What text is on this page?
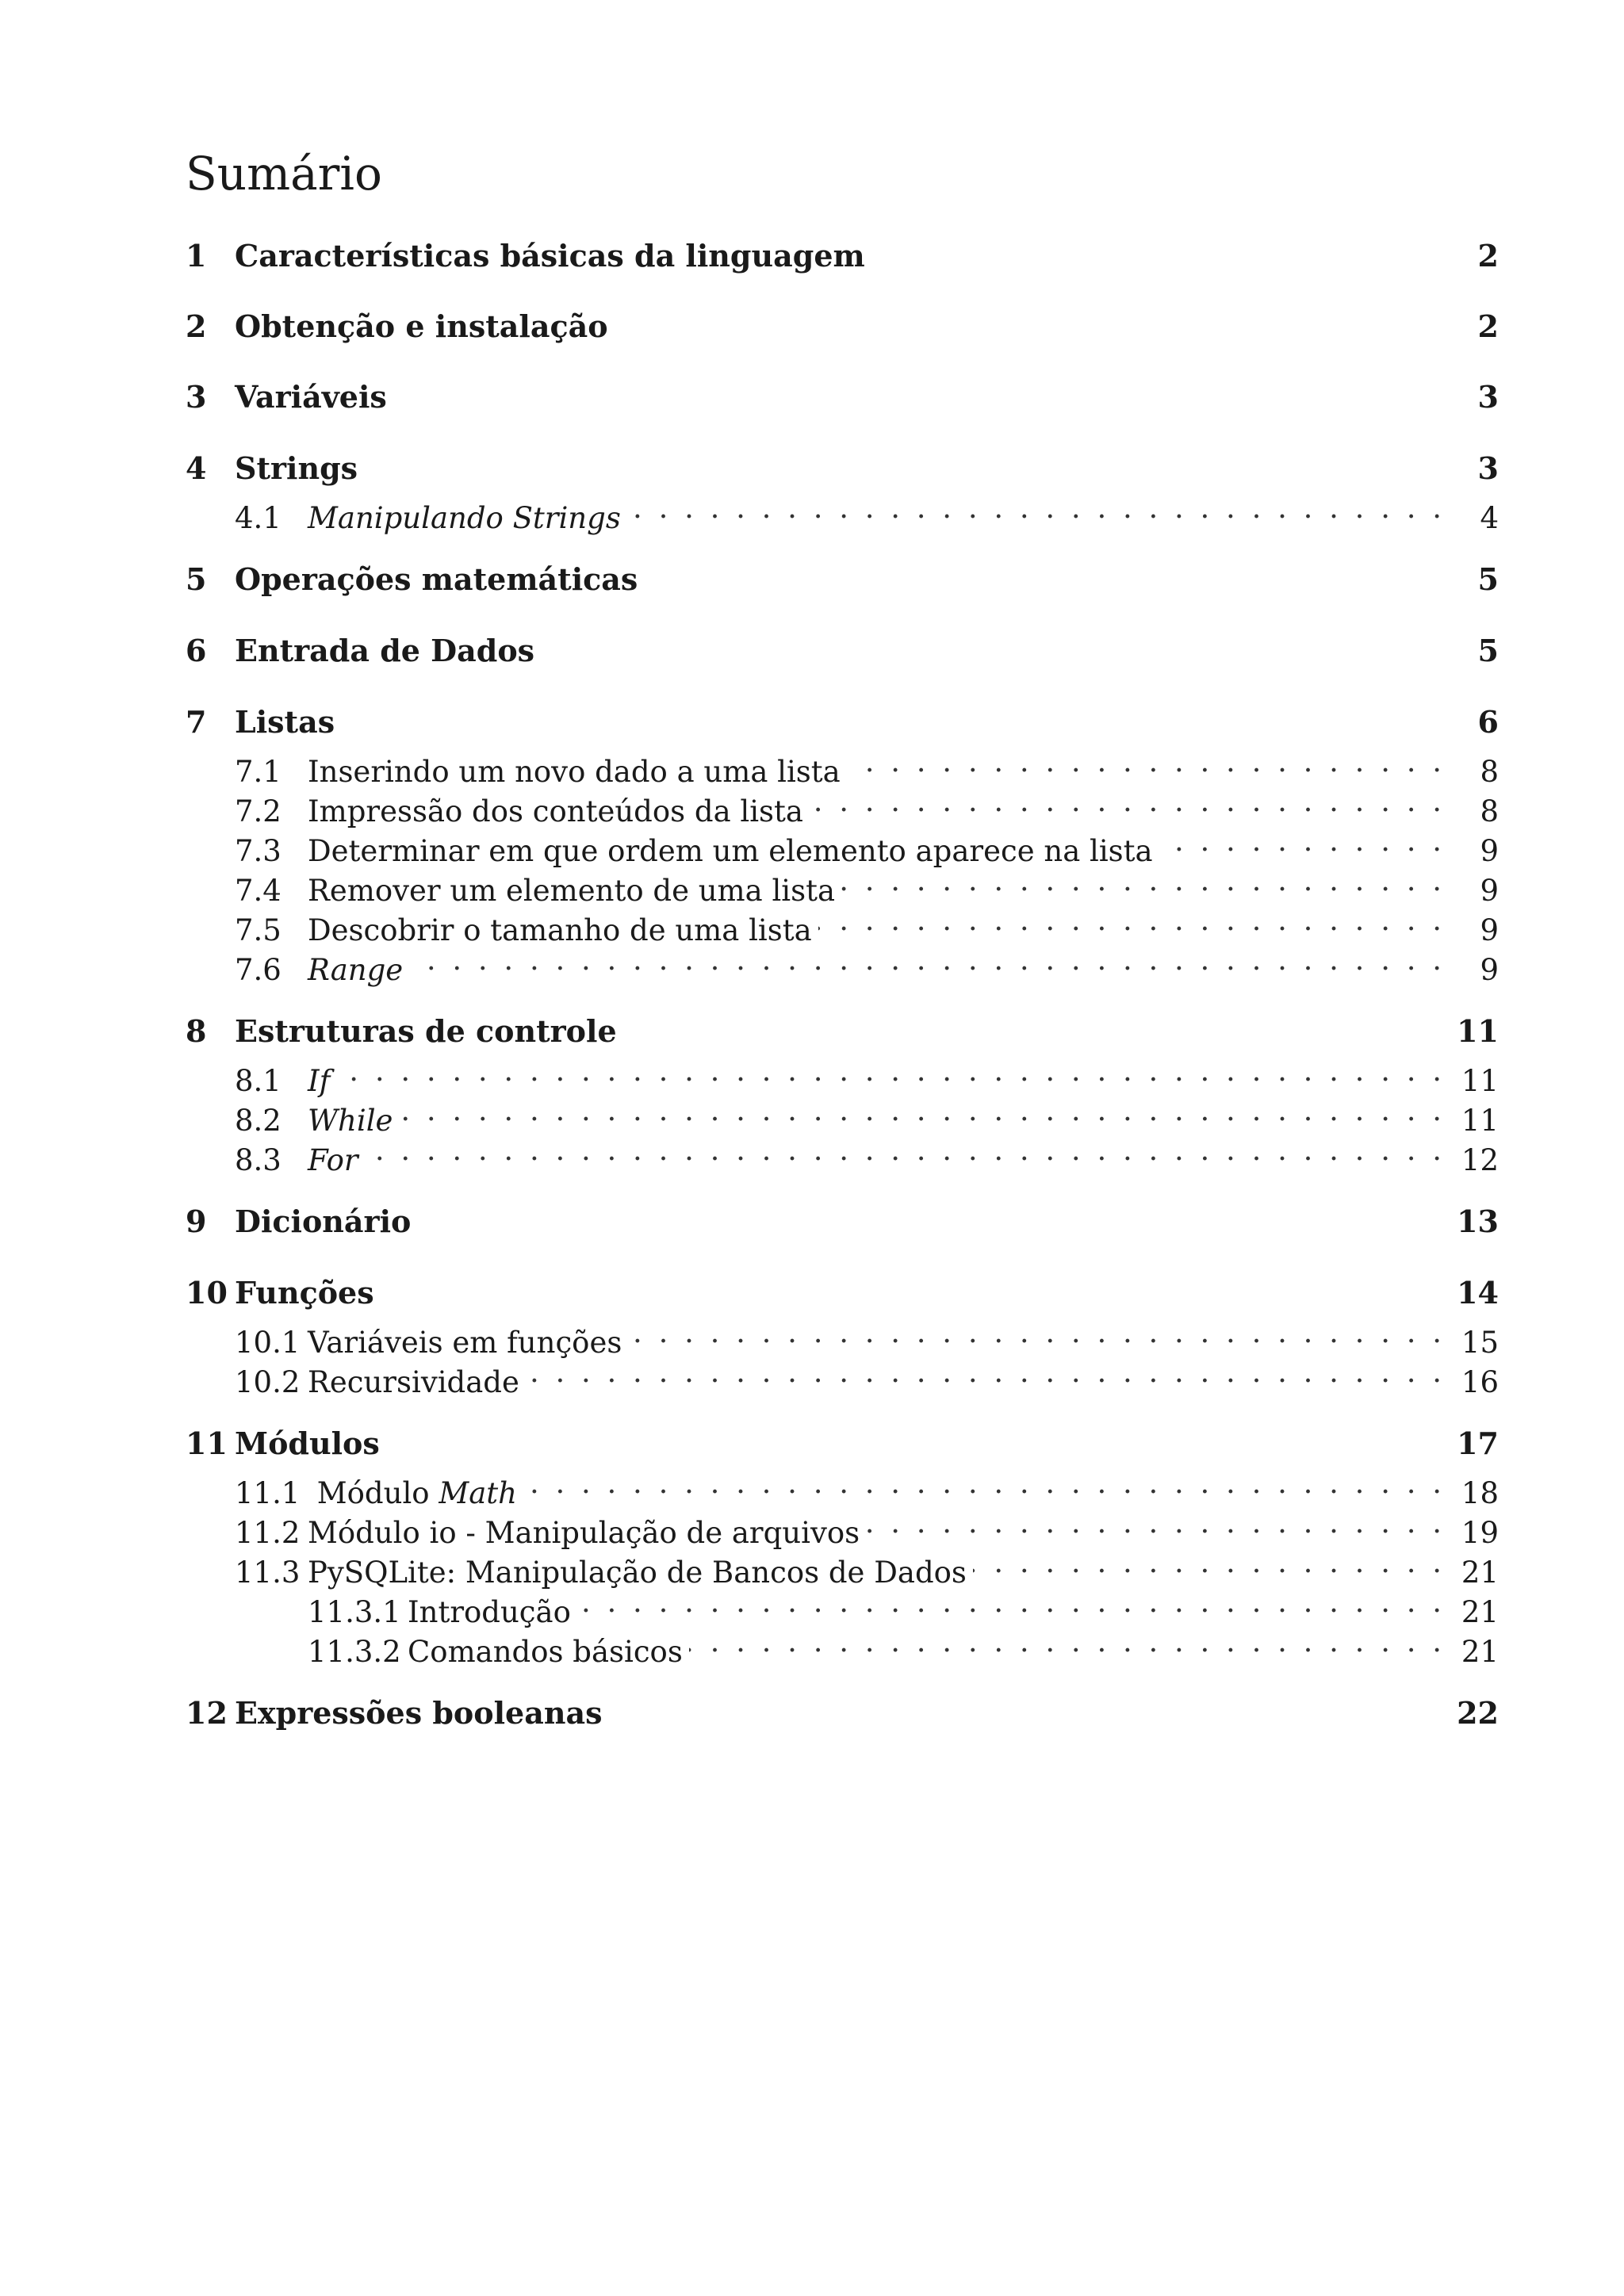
Sumário
1 Características básicas da linguagem	2
2 Obtenção e instalação	2
3 Variáveis	3
4 Strings	3
4.1 Manipulando Strings . . .	4
5 Operações matemáticas	5
6 Entrada de Dados	5
7 Listas	6
7.1 Inserindo um novo dado a uma lista . . .	8
7.2 Impressão dos conteúdos da lista . . .	8
7.3 Determinar em que ordem um elemento aparece na lista . . .	9
7.4 Remover um elemento de uma lista . . .	9
7.5 Descobrir o tamanho de uma lista . . .	9
7.6 Range . . .	9
8 Estruturas de controle	11
8.1 If . . .	11
8.2 While . . .	11
8.3 For . . .	12
9 Dicionário	13
10 Funções	14
10.1 Variáveis em funções . . .	15
10.2 Recursividade . . .	16
11 Módulos	17
11.1 Módulo Math . . .	18
11.2 Módulo io - Manipulação de arquivos . . .	19
11.3 PySQLite: Manipulação de Bancos de Dados . . .	21
11.3.1 Introdução . . .	21
11.3.2 Comandos básicos . . .	21
12 Expressões booleanas	22
